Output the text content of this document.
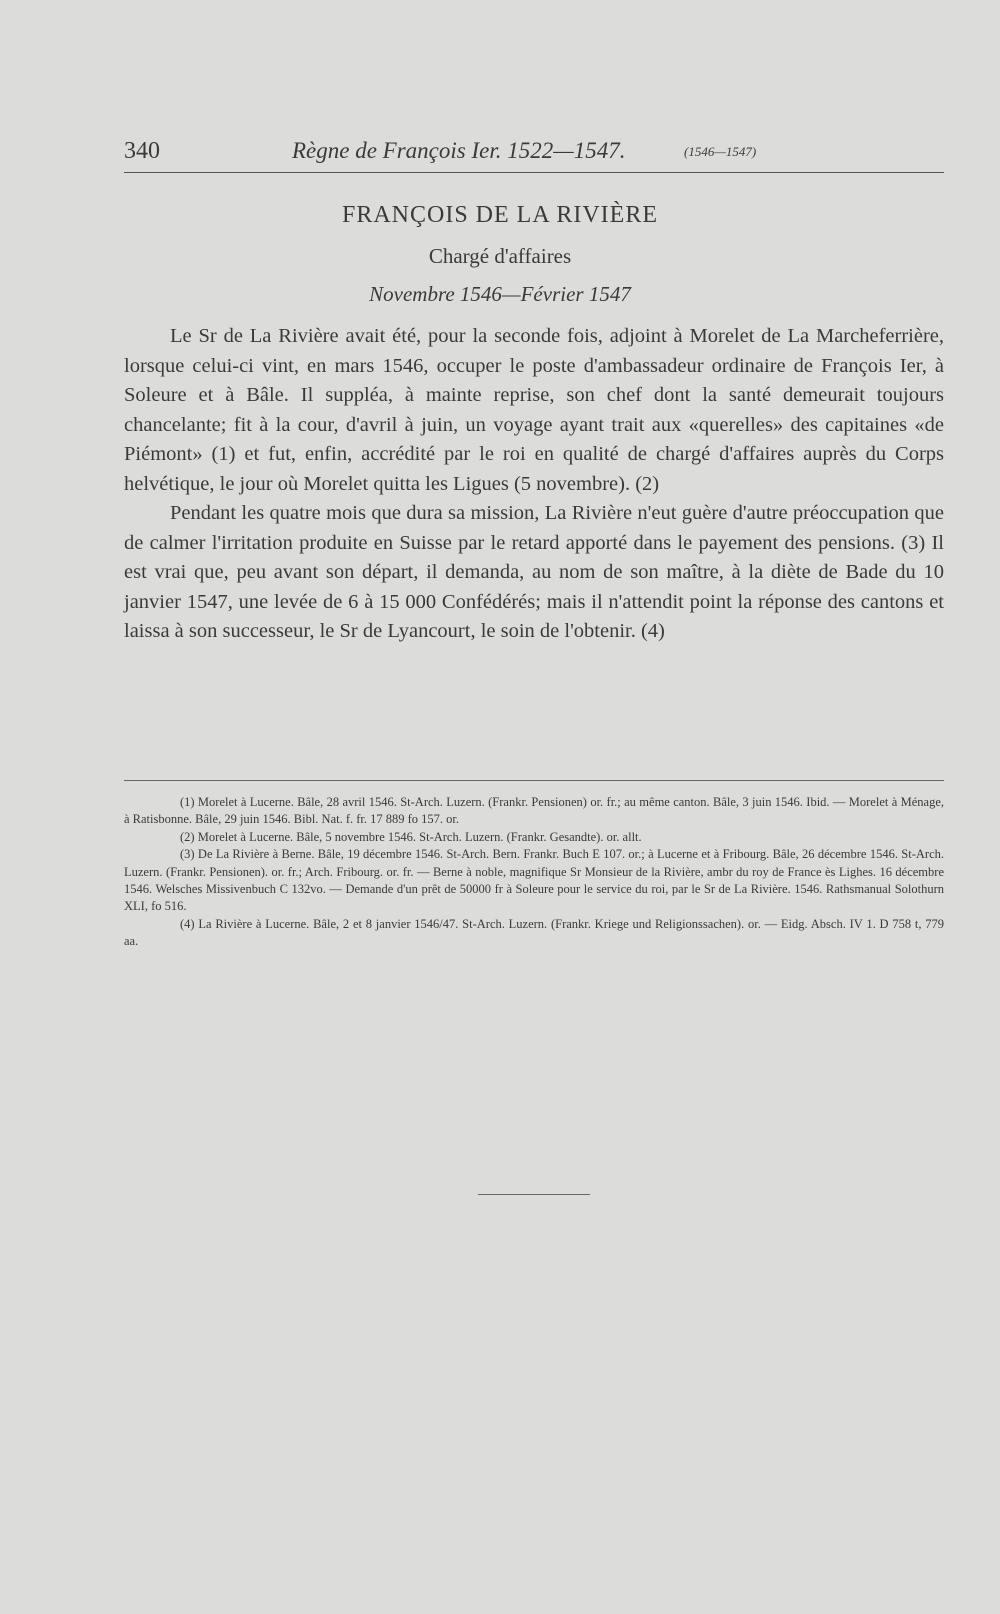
340	Règne de François Ier. 1522—1547.	(1546—1547)
FRANÇOIS DE LA RIVIÈRE
Chargé d'affaires
Novembre 1546—Février 1547

Le Sr de La Rivière avait été, pour la seconde fois, adjoint à Morelet de La Marcheferrière, lorsque celui-ci vint, en mars 1546, occuper le poste d'ambassadeur ordinaire de François Ier, à Soleure et à Bâle. Il suppléa, à mainte reprise, son chef dont la santé demeurait toujours chancelante; fit à la cour, d'avril à juin, un voyage ayant trait aux «querelles» des capitaines «de Piémont» (1) et fut, enfin, accrédité par le roi en qualité de chargé d'affaires auprès du Corps helvétique, le jour où Morelet quitta les Ligues (5 novembre). (2)

Pendant les quatre mois que dura sa mission, La Rivière n'eut guère d'autre préoccupation que de calmer l'irritation produite en Suisse par le retard apporté dans le payement des pensions. (3) Il est vrai que, peu avant son départ, il demanda, au nom de son maître, à la diète de Bade du 10 janvier 1547, une levée de 6 à 15 000 Confédérés; mais il n'attendit point la réponse des cantons et laissa à son successeur, le Sr de Lyancourt, le soin de l'obtenir. (4)

(1) Morelet à Lucerne. Bâle, 28 avril 1546. St-Arch. Luzern. (Frankr. Pensionen) or. fr.; au même canton. Bâle, 3 juin 1546. Ibid. — Morelet à Ménage, à Ratisbonne. Bâle, 29 juin 1546. Bibl. Nat. f. fr. 17 889 fo 157. or.

(2) Morelet à Lucerne. Bâle, 5 novembre 1546. St-Arch. Luzern. (Frankr. Gesandte). or. allt.

(3) De La Rivière à Berne. Bâle, 19 décembre 1546. St-Arch. Bern. Frankr. Buch E 107. or.; à Lucerne et à Fribourg. Bâle, 26 décembre 1546. St-Arch. Luzern. (Frankr. Pensionen). or. fr.; Arch. Fribourg. or. fr. — Berne à noble, magnifique Sr Monsieur de la Rivière, ambr du roy de France ès Lighes. 16 décembre 1546. Welsches Missivenbuch C 132vo. — Demande d'un prêt de 50000 fr à Soleure pour le service du roi, par le Sr de La Rivière. 1546. Rathsmanual Solothurn XLI, fo 516.

(4) La Rivière à Lucerne. Bâle, 2 et 8 janvier 1546/47. St-Arch. Luzern. (Frankr. Kriege und Religionssachen). or. — Eidg. Absch. IV 1. D 758 t, 779 aa.
